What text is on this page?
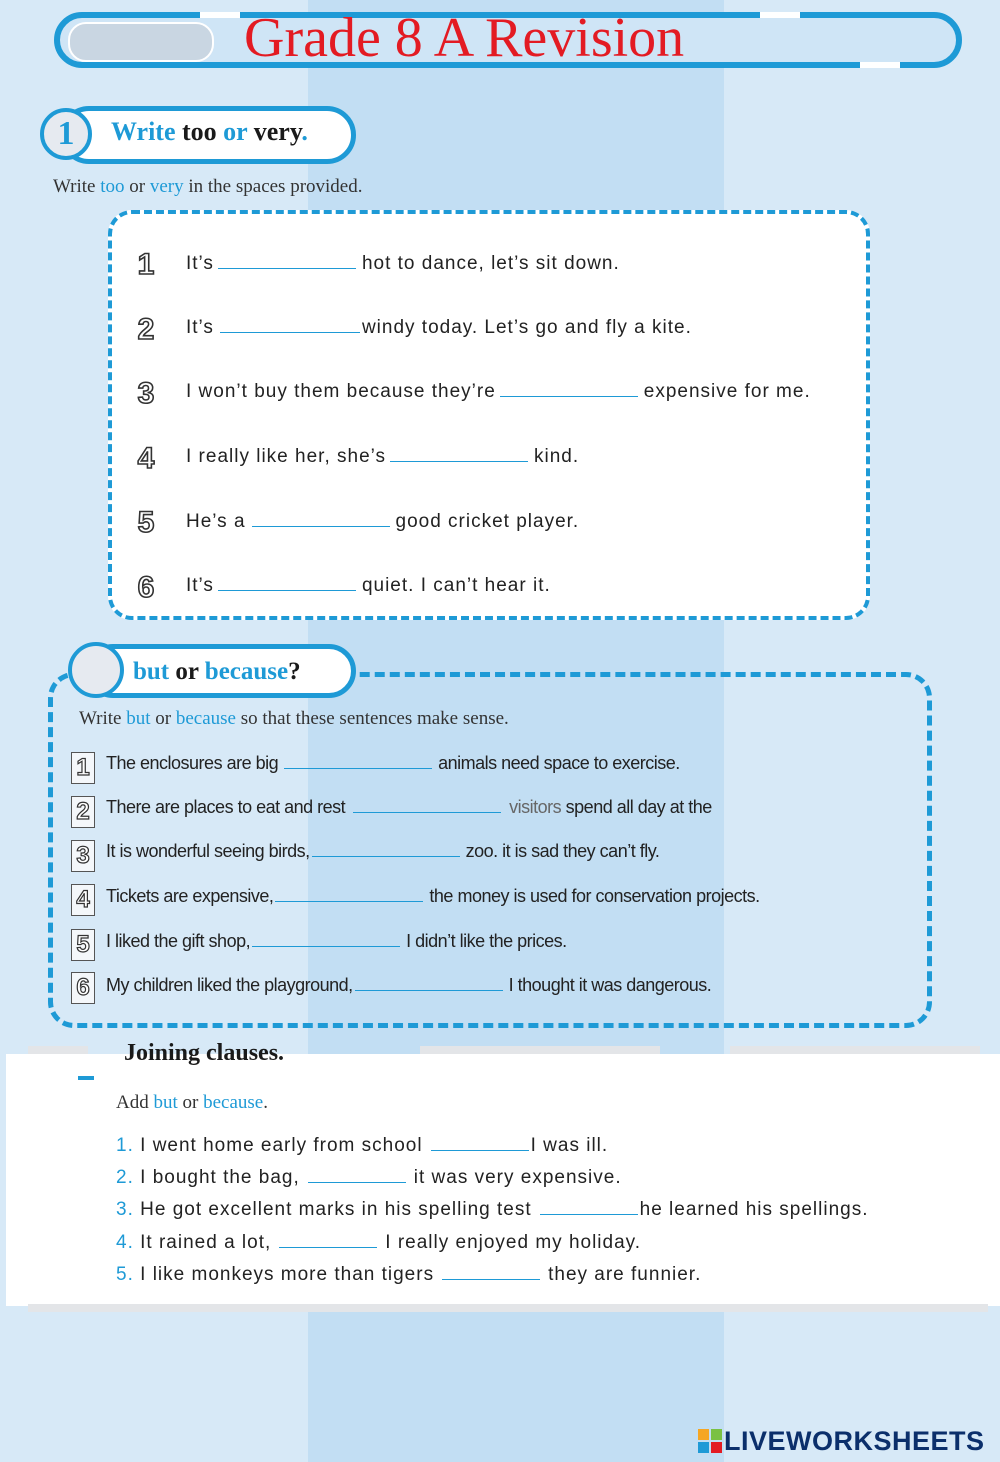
Grade 8 A Revision
Write too or very.
1
Write too or very in the spaces provided.
1 It’s	hot to dance, let’s sit down.
2 It’s	windy today. Let’s go and fly a kite.
3 I won’t buy them because they’re	expensive for me.
4 I really like her, she’s	kind.
5 He’s a	good cricket player.
6 It’s	quiet. I can’t hear it.
but or because?
Write but or because so that these sentences make sense.
1 The enclosures are big	animals need space to exercise.
2 There are places to eat and rest	visitors spend all day at the
3 It is wonderful seeing birds,	zoo. it is sad they can’t fly.
4 Tickets are expensive,	the money is used for conservation projects.
5 I liked the gift shop,	I didn’t like the prices.
6 My children liked the playground,	I thought it was dangerous.
Joining clauses.
Add but or because.
1. I went home early from school	I was ill.
2. I bought the bag,	it was very expensive.
3. He got excellent marks in his spelling test	he learned his spellings.
4. It rained a lot,	I really enjoyed my holiday.
5. I like monkeys more than tigers	they are funnier.
LIVEWORKSHEETS
